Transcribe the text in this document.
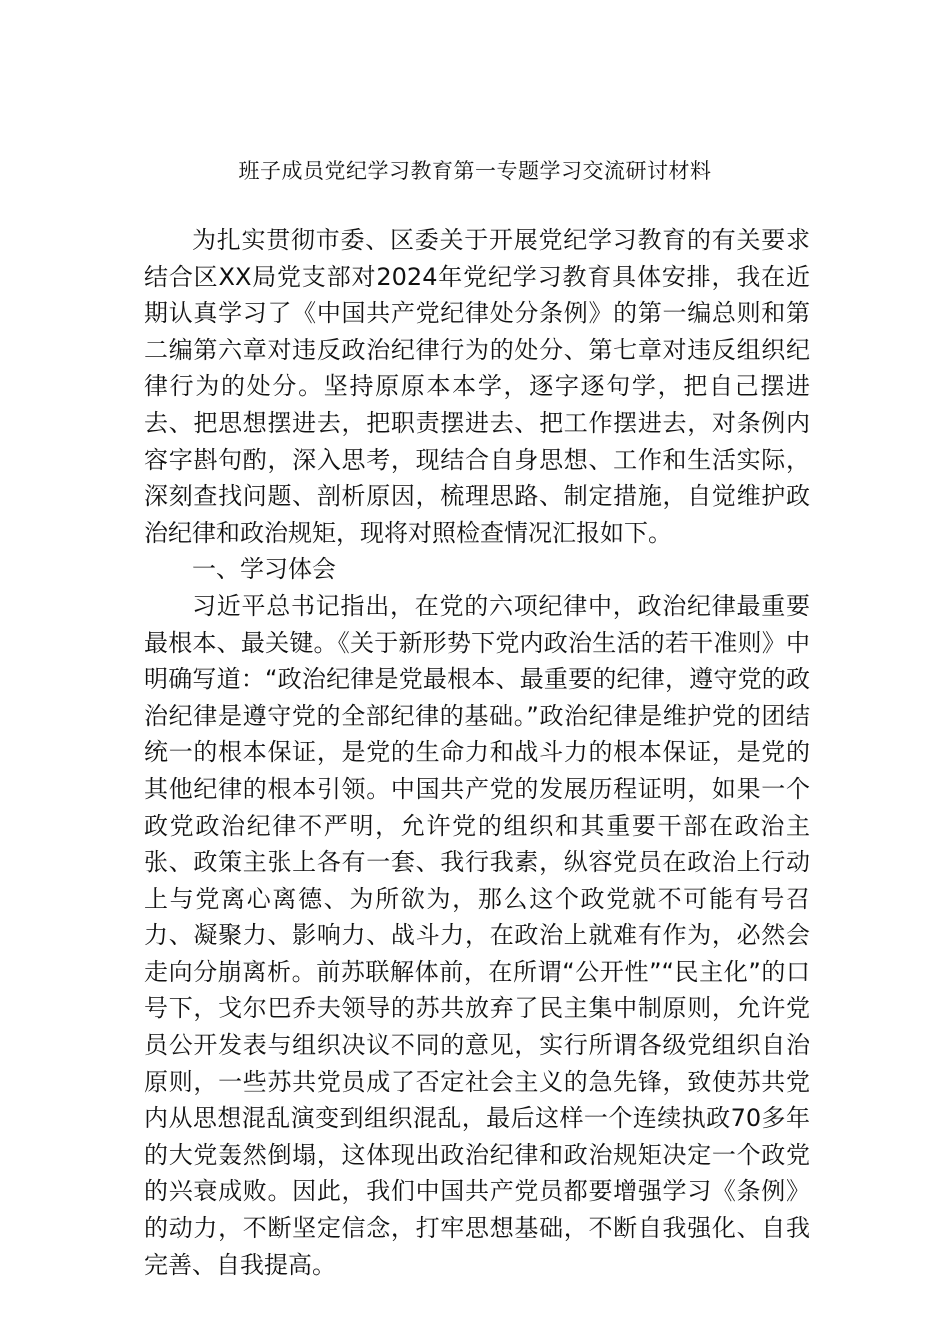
班子成员党纪学习教育第一专题学习交流研讨材料

为扎实贯彻市委、区委关于开展党纪学习教育的有关要求结合区XX局党支部对2024年党纪学习教育具体安排，我在近期认真学习了《中国共产党纪律处分条例》的第一编总则和第二编第六章对违反政治纪律行为的处分、第七章对违反组织纪律行为的处分。坚持原原本本学，逐字逐句学，把自己摆进去、把思想摆进去，把职责摆进去、把工作摆进去，对条例内容字斟句酌，深入思考，现结合自身思想、工作和生活实际，深刻查找问题、剖析原因，梳理思路、制定措施，自觉维护政治纪律和政治规矩，现将对照检查情况汇报如下。

一、学习体会

习近平总书记指出，在党的六项纪律中，政治纪律最重要最根本、最关键。《关于新形势下党内政治生活的若干准则》中明确写道：“政治纪律是党最根本、最重要的纪律，遵守党的政治纪律是遵守党的全部纪律的基础。”政治纪律是维护党的团结统一的根本保证，是党的生命力和战斗力的根本保证，是党的其他纪律的根本引领。中国共产党的发展历程证明，如果一个政党政治纪律不严明，允许党的组织和其重要干部在政治主张、政策主张上各有一套、我行我素，纵容党员在政治上行动上与党离心离德、为所欲为，那么这个政党就不可能有号召力、凝聚力、影响力、战斗力，在政治上就难有作为，必然会走向分崩离析。前苏联解体前，在所谓“公开性”“民主化”的口号下，戈尔巴乔夫领导的苏共放弃了民主集中制原则，允许党员公开发表与组织决议不同的意见，实行所谓各级党组织自治原则，一些苏共党员成了否定社会主义的急先锋，致使苏共党内从思想混乱演变到组织混乱，最后这样一个连续执政70多年的大党轰然倒塌，这体现出政治纪律和政治规矩决定一个政党的兴衰成败。因此，我们中国共产党员都要增强学习《条例》的动力，不断坚定信念，打牢思想基础，不断自我强化、自我完善、自我提高。
